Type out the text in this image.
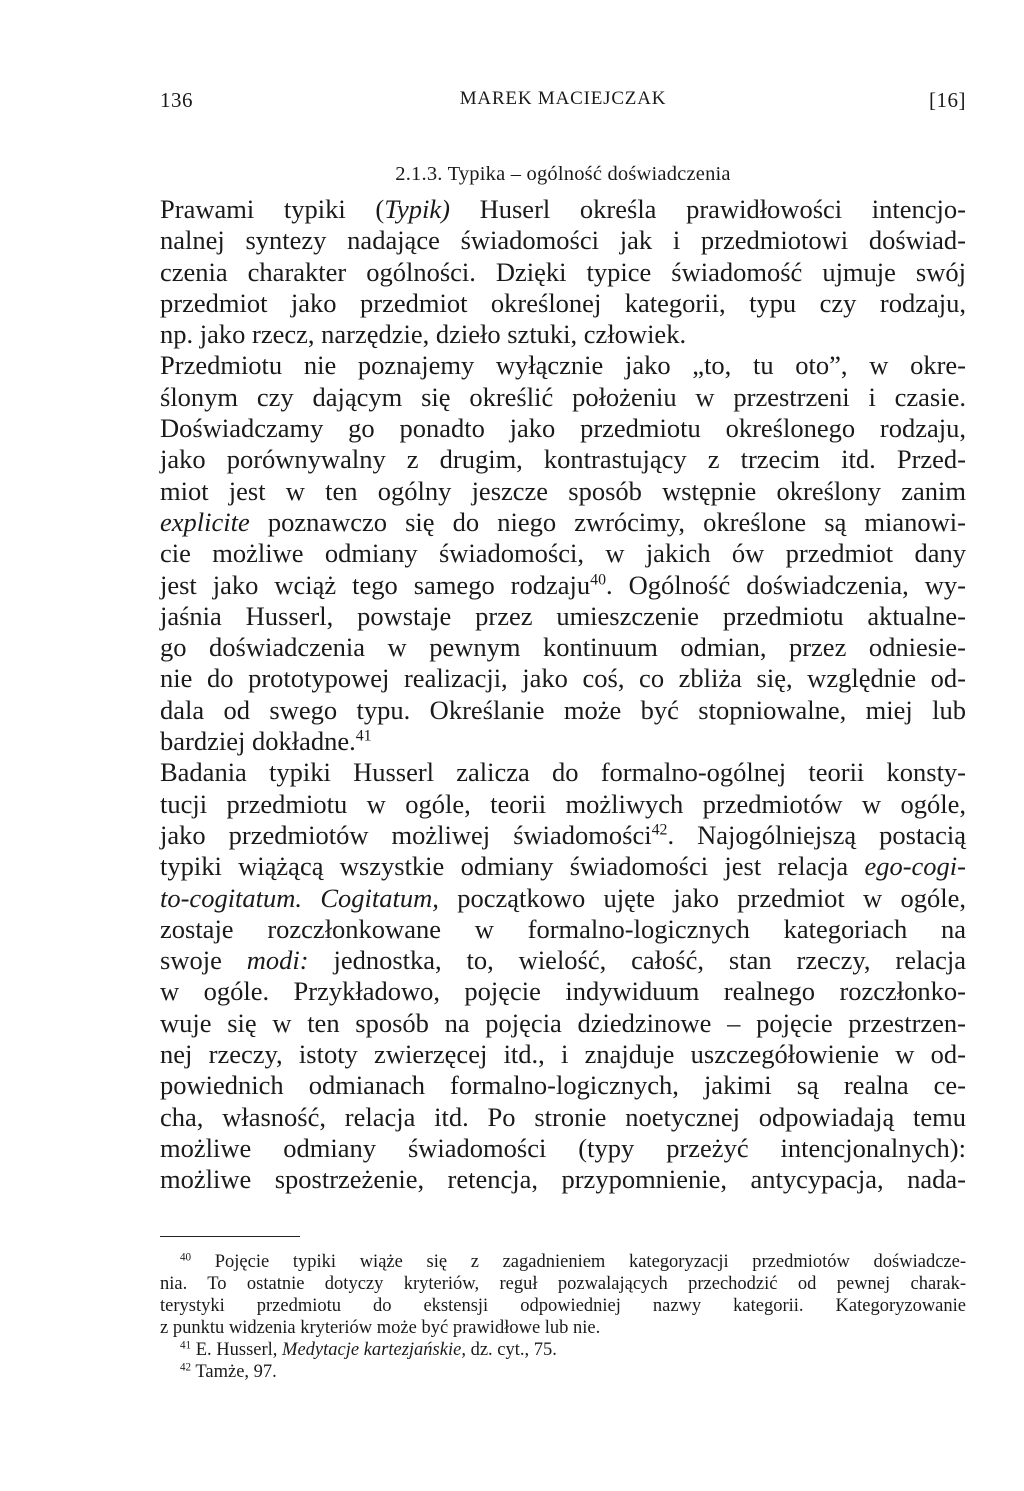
136	MAREK MACIEJCZAK	[16]
2.1.3. Typika – ogólność doświadczenia
Prawami typiki (Typik) Huserl określa prawidłowości intencjo-
nalnej syntezy nadające świadomości jak i przedmiotowi doświad-
czenia charakter ogólności. Dzięki typice świadomość ujmuje swój
przedmiot jako przedmiot określonej kategorii, typu czy rodzaju,
np. jako rzecz, narzędzie, dzieło sztuki, człowiek.
Przedmiotu nie poznajemy wyłącznie jako „to, tu oto”, w okre-
ślonym czy dającym się określić położeniu w przestrzeni i czasie.
Doświadczamy go ponadto jako przedmiotu określonego rodzaju,
jako porównywalny z drugim, kontrastujący z trzecim itd. Przed-
miot jest w ten ogólny jeszcze sposób wstępnie określony zanim
explicite poznawczo się do niego zwrócimy, określone są mianowi-
cie możliwe odmiany świadomości, w jakich ów przedmiot dany
jest jako wciąż tego samego rodzaju$^{40}$. Ogólność doświadczenia, wy-
jaśnia Husserl, powstaje przez umieszczenie przedmiotu aktualne-
go doświadczenia w pewnym kontinuum odmian, przez odniesie-
nie do prototypowej realizacji, jako coś, co zbliża się, względnie od-
dala od swego typu. Określanie może być stopniowalne, miej lub
bardziej dokładne.$^{41}$
Badania typiki Husserl zalicza do formalno-ogólnej teorii konsty-
tucji przedmiotu w ogóle, teorii możliwych przedmiotów w ogóle,
jako przedmiotów możliwej świadomości$^{42}$. Najogólniejszą postacią
typiki wiążącą wszystkie odmiany świadomości jest relacja ego-cogi-
to-cogitatum. Cogitatum, początkowo ujęte jako przedmiot w ogóle,
zostaje rozczłonkowane w formalno-logicznych kategoriach na
swoje modi: jednostka, to, wielość, całość, stan rzeczy, relacja
w ogóle. Przykładowo, pojęcie indywiduum realnego rozczłonko-
wuje się w ten sposób na pojęcia dziedzinowe – pojęcie przestrzen-
nej rzeczy, istoty zwierzęcej itd., i znajduje uszczegółowienie w od-
powiednich odmianach formalno-logicznych, jakimi są realna ce-
cha, własność, relacja itd. Po stronie noetycznej odpowiadają temu
możliwe odmiany świadomości (typy przeżyć intencjonalnych):
możliwe spostrzeżenie, retencja, przypomnienie, antycypacja, nada-
$^{40}$ Pojęcie typiki wiąże się z zagadnieniem kategoryzacji przedmiotów doświadcze-
nia. To ostatnie dotyczy kryteriów, reguł pozwalających przechodzić od pewnej charak-
terystyki przedmiotu do ekstensji odpowiedniej nazwy kategorii. Kategoryzowanie
z punktu widzenia kryteriów może być prawidłowe lub nie.
$^{41}$ E. Husserl, Medytacje kartezjańskie, dz. cyt., 75.
$^{42}$ Tamże, 97.
